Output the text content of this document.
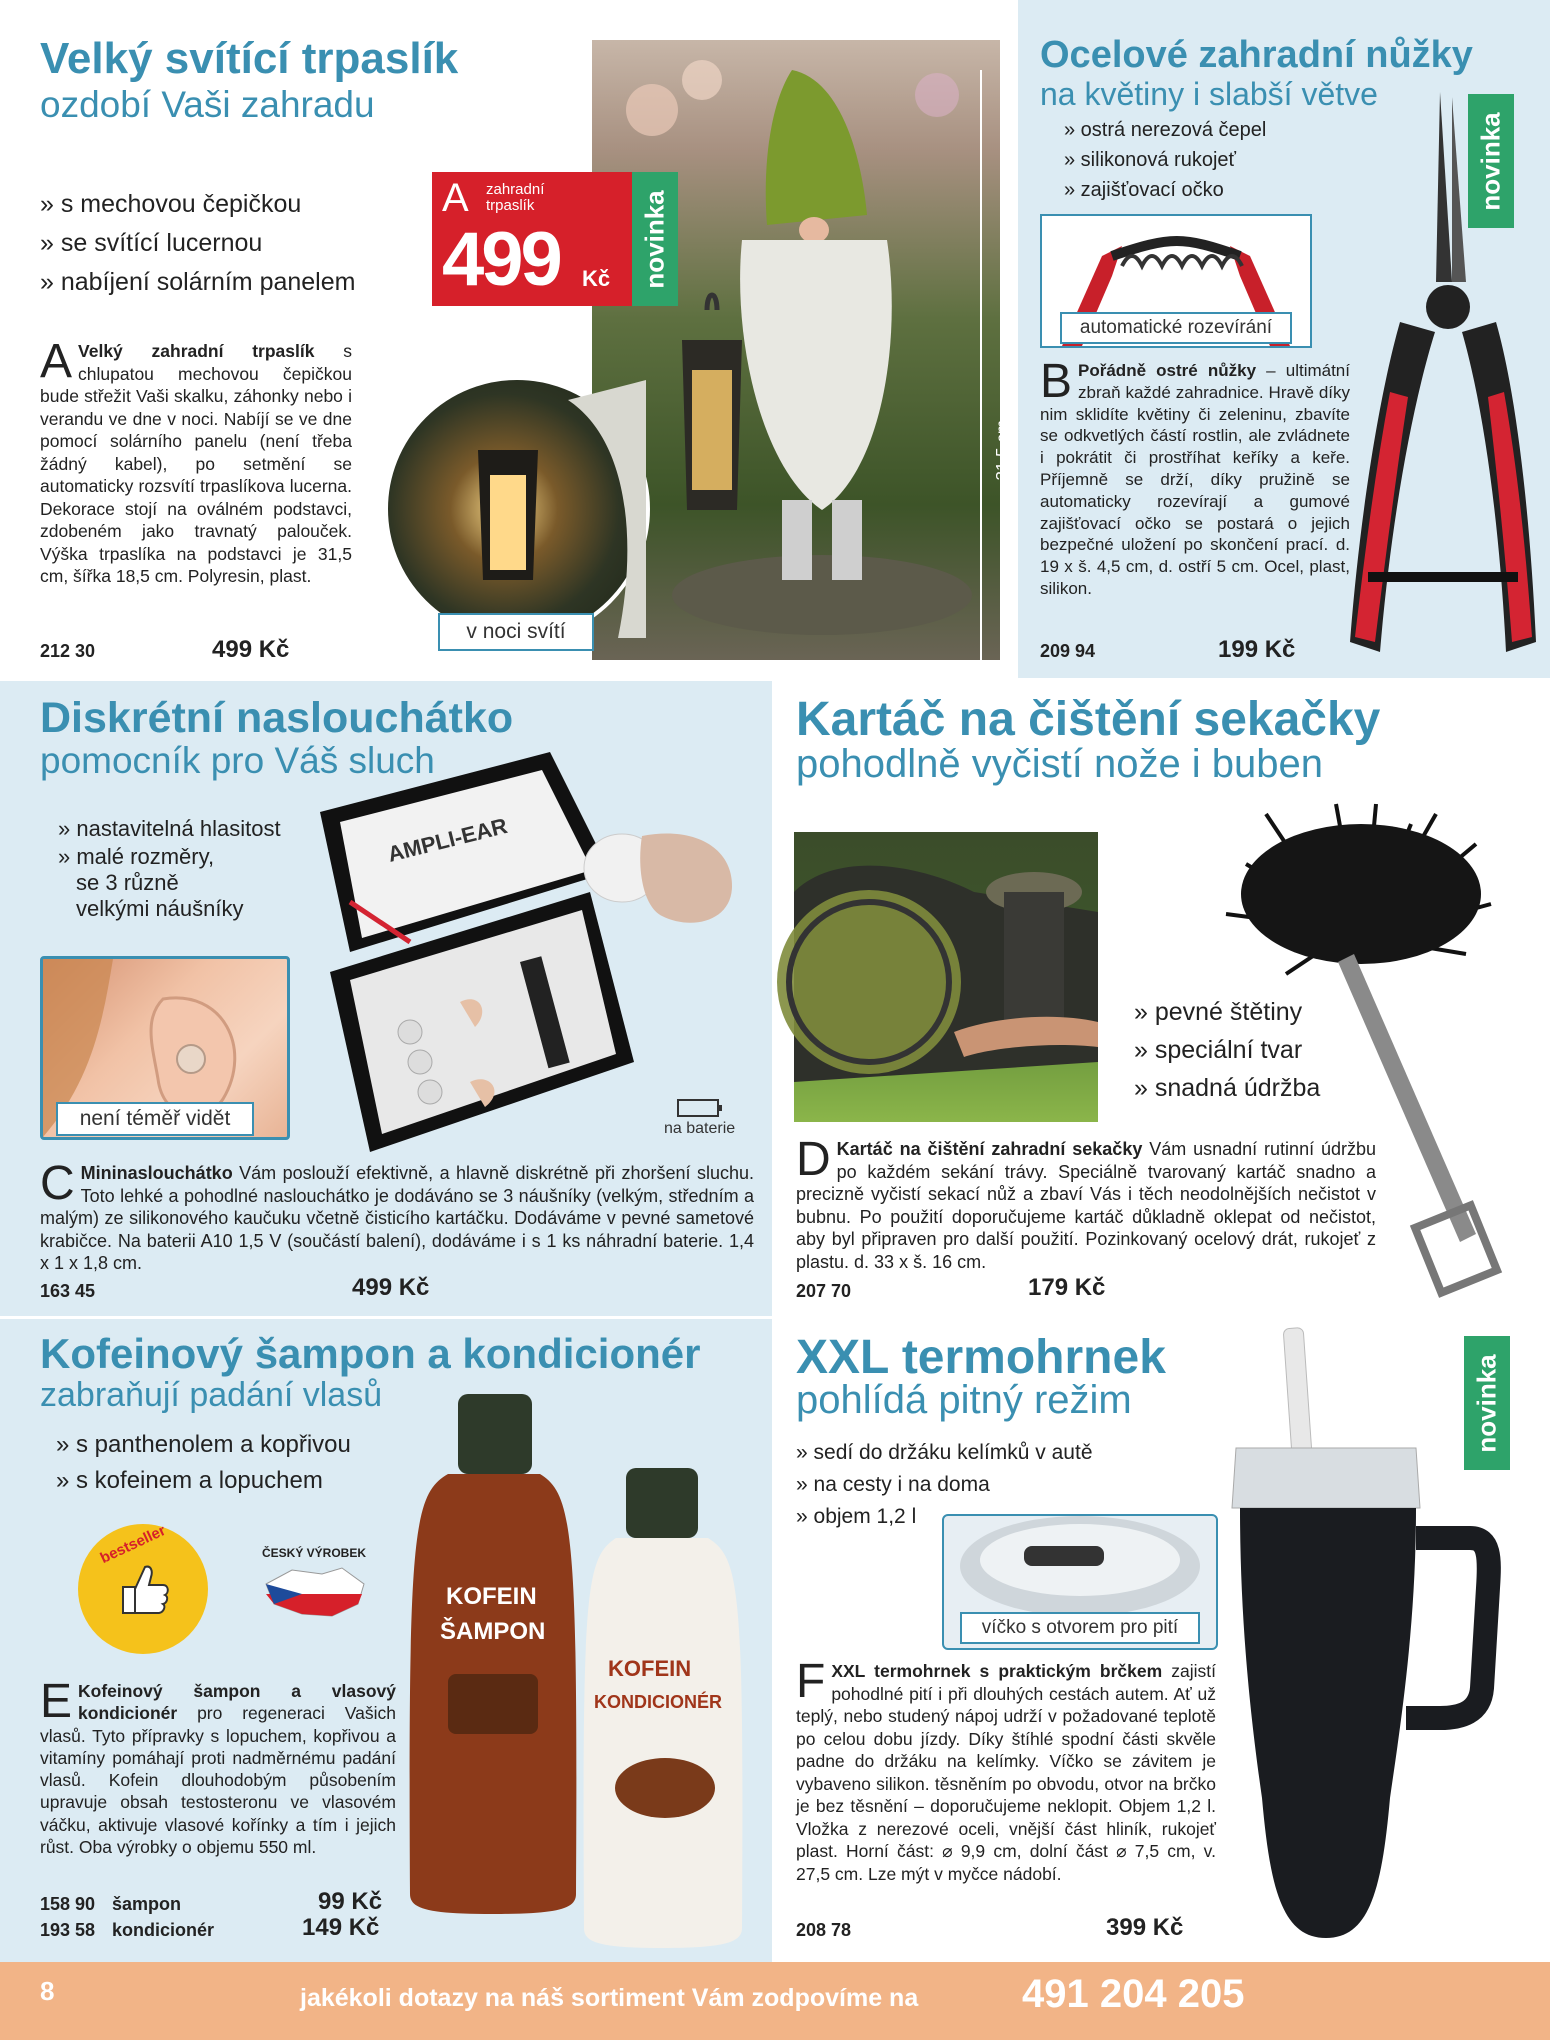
Velký svítící trpaslík
ozdobí Vaši zahradu
» s mechovou čepičkou
» se svítící lucernou
» nabíjení solárním panelem
A Velký zahradní trpaslík s chlupatou mechovou čepičkou bude střežit Vaši skalku, záhonky nebo i verandu ve dne v noci. Nabíjí se ve dne pomocí solárního panelu (není třeba žádný kabel), po setmění se automaticky rozsvítí trpaslíkova lucerna. Dekorace stojí na oválném podstavci, zdobeném jako travnatý palouček. Výška trpaslíka na podstavci je 31,5 cm, šířka 18,5 cm. Polyresin, plast.
212 30	499 Kč
31,5 cm
v noci svítí
A zahradní trpaslík
499 Kč novinka
Ocelové zahradní nůžky
na květiny i slabší větve
» ostrá nerezová čepel
» silikonová rukojeť
» zajišťovací očko
automatické rozevírání
B Pořádně ostré nůžky – ultimátní zbraň každé zahradnice. Hravě díky nim sklidíte květiny či zeleninu, zbavíte se odkvetlých částí rostlin, ale zvládnete i pokrátit či prostříhat keříky a keře. Příjemně se drží, díky pružině se automaticky rozevírají a gumové zajišťovací očko se postará o jejich bezpečné uložení po skončení prací. d. 19 x š. 4,5 cm, d. ostří 5 cm. Ocel, plast, silikon.
209 94	199 Kč
novinka
Diskrétní naslouchátko
pomocník pro Váš sluch
» nastavitelná hlasitost
» malé rozměry,
se 3 různě
velkými náušníky
není téměř vidět
AMPLI-EAR
na baterie
C Mininaslouchátko Vám poslouží efektivně, a hlavně diskrétně při zhoršení sluchu. Toto lehké a pohodlné naslouchátko je dodáváno se 3 náušníky (velkým, středním a malým) ze silikonového kaučuku včetně čisticího kartáčku. Dodáváme v pevné sametové krabičce. Na baterii A10 1,5 V (součástí balení), dodáváme i s 1 ks náhradní baterie. 1,4 x 1 x 1,8 cm.
163 45	499 Kč
Kartáč na čištění sekačky
pohodlně vyčistí nože i buben
» pevné štětiny
» speciální tvar
» snadná údržba
D Kartáč na čištění zahradní sekačky Vám usnadní rutinní údržbu po každém sekání trávy. Speciálně tvarovaný kartáč snadno a precizně vyčistí sekací nůž a zbaví Vás i těch neodolnějších nečistot v bubnu. Po použití doporučujeme kartáč důkladně oklepat od nečistot, aby byl připraven pro další použití. Pozinkovaný ocelový drát, rukojeť z plastu. d. 33 x š. 16 cm.
207 70	179 Kč
Kofeinový šampon a kondicionér
zabraňují padání vlasů
» s panthenolem a kopřivou
» s kofeinem a lopuchem
bestseller	ČESKÝ VÝROBEK
KOFEIN
ŠAMPON
KOFEIN
KONDICIONÉR
E Kofeinový šampon a vlasový kondicionér pro regeneraci Vašich vlasů. Tyto přípravky s lopuchem, kopřivou a vitamíny pomáhají proti nadměrnému padání vlasů. Kofein dlouhodobým působením upravuje obsah testosteronu ve vlasovém váčku, aktivuje vlasové kořínky a tím i jejich růst. Oba výrobky o objemu 550 ml.
158 90 šampon	99 Kč
193 58 kondicionér	149 Kč
XXL termohrnek
pohlídá pitný režim
» sedí do držáku kelímků v autě
» na cesty i na doma
» objem 1,2 l
víčko s otvorem pro pití
FXXL termohrnek s praktickým brčkem zajistí pohodlné pití i při dlouhých cestách autem. Ať už teplý, nebo studený nápoj udrží v požadované teplotě po celou dobu jízdy. Díky štíhlé spodní části skvěle padne do držáku na kelímky. Víčko se závitem je vybaveno silikon. těsněním po obvodu, otvor na brčko je bez těsnění – doporučujeme neklopit. Objem 1,2 l. Vložka z nerezové oceli, vnější část hliník, rukojeť plast. Horní část: ⌀ 9,9 cm, dolní část ⌀ 7,5 cm, v. 27,5 cm. Lze mýt v myčce nádobí.
208 78	399 Kč
novinka
8	jakékoli dotazy na náš sortiment Vám zodpovíme na	491 204 205
